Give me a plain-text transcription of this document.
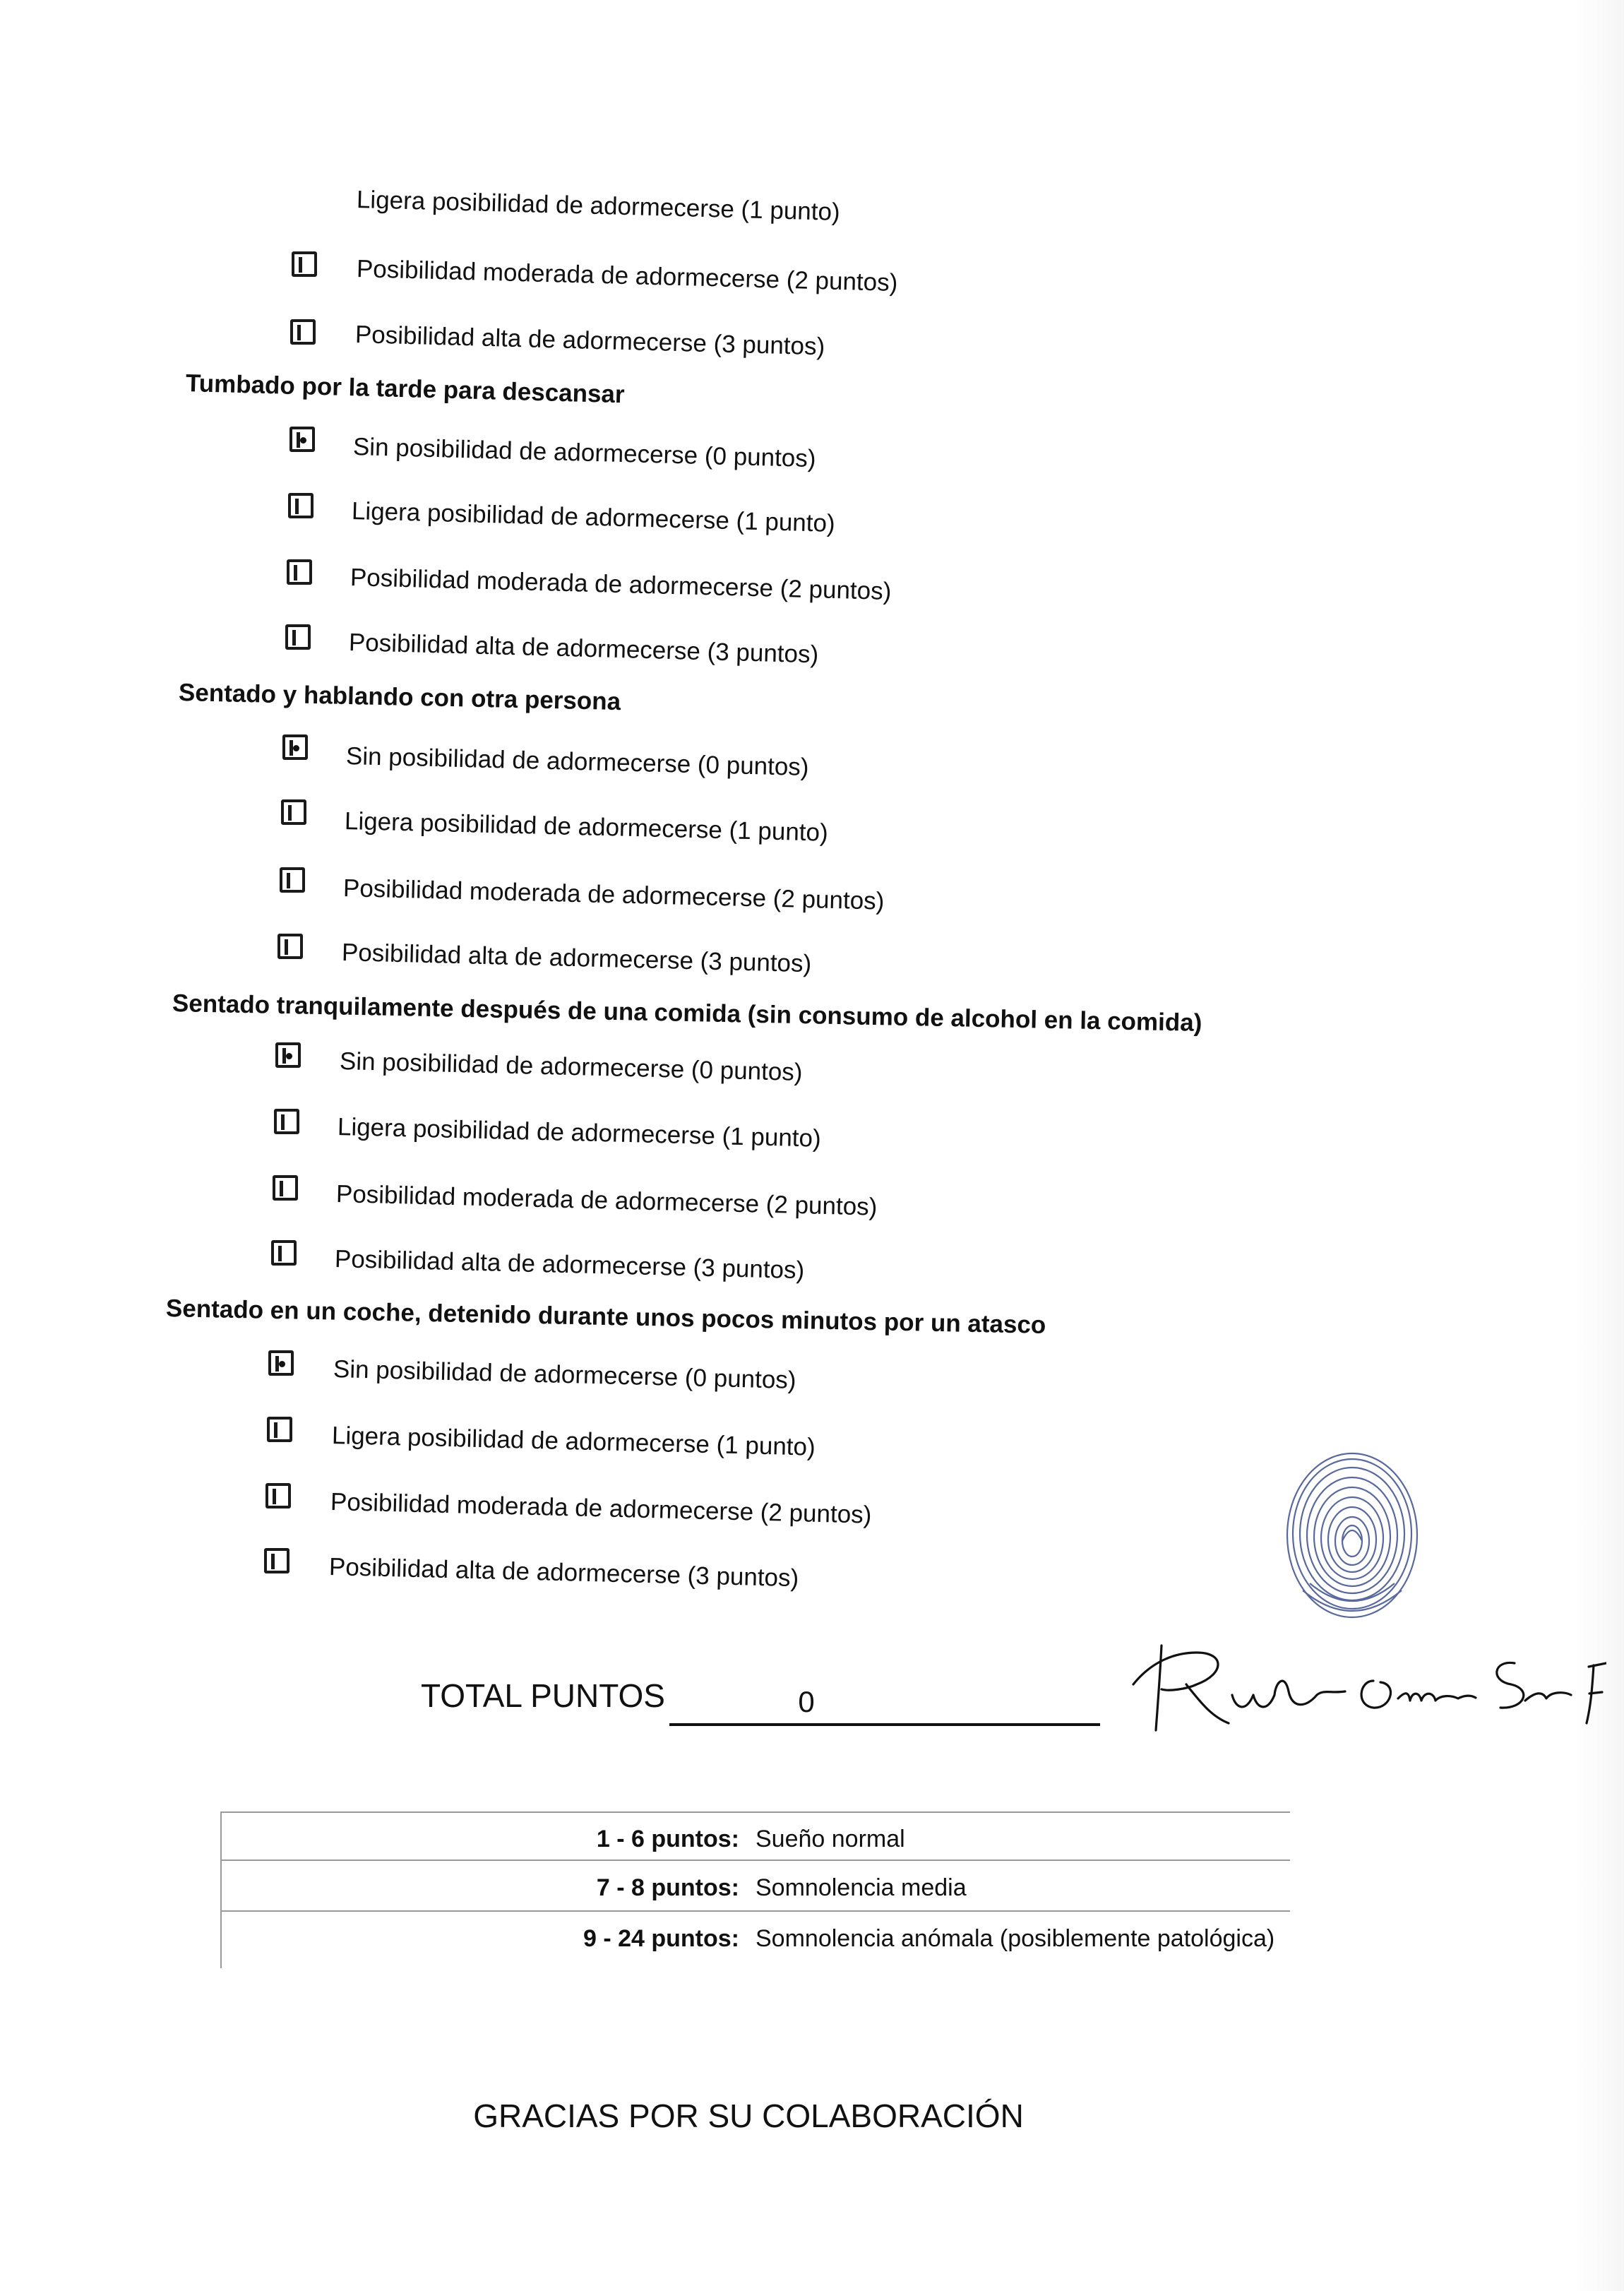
Ligera posibilidad de adormecerse (1 punto)
Posibilidad moderada de adormecerse (2 puntos)
Posibilidad alta de adormecerse (3 puntos)
Tumbado por la tarde para descansar
Sin posibilidad de adormecerse (0 puntos)
Ligera posibilidad de adormecerse (1 punto)
Posibilidad moderada de adormecerse (2 puntos)
Posibilidad alta de adormecerse (3 puntos)
Sentado y hablando con otra persona
Sin posibilidad de adormecerse (0 puntos)
Ligera posibilidad de adormecerse (1 punto)
Posibilidad moderada de adormecerse (2 puntos)
Posibilidad alta de adormecerse (3 puntos)
Sentado tranquilamente después de una comida (sin consumo de alcohol en la comida)
Sin posibilidad de adormecerse (0 puntos)
Ligera posibilidad de adormecerse (1 punto)
Posibilidad moderada de adormecerse (2 puntos)
Posibilidad alta de adormecerse (3 puntos)
Sentado en un coche, detenido durante unos pocos minutos por un atasco
Sin posibilidad de adormecerse (0 puntos)
Ligera posibilidad de adormecerse (1 punto)
Posibilidad moderada de adormecerse (2 puntos)
Posibilidad alta de adormecerse (3 puntos)
TOTAL PUNTOS	0
1 - 6 puntos: Sueño normal
7 - 8 puntos: Somnolencia media
9 - 24 puntos: Somnolencia anómala (posiblemente patológica)
GRACIAS POR SU COLABORACIÓN
